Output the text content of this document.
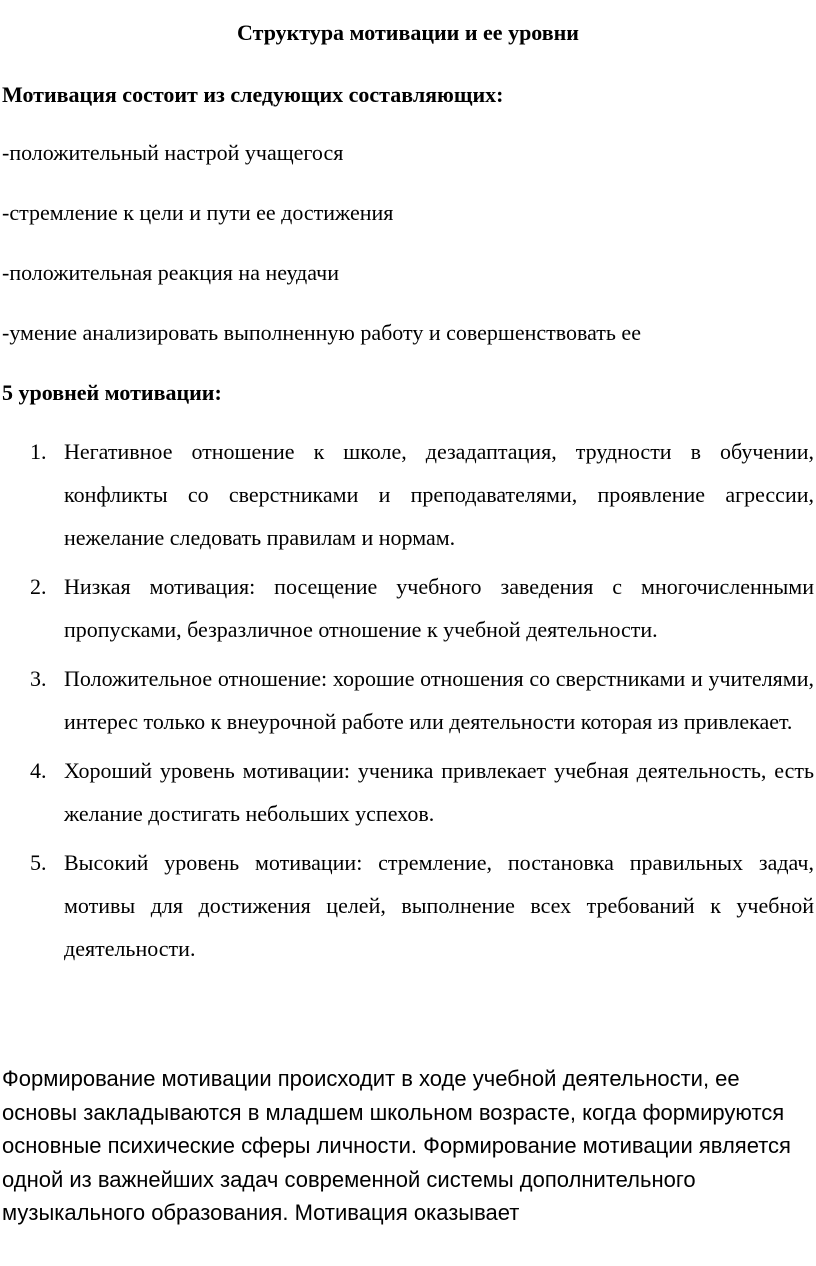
Структура мотивации и ее уровни
Мотивация состоит из следующих составляющих:
-положительный настрой учащегося
-стремление к цели и пути ее достижения
-положительная реакция на неудачи
-умение анализировать выполненную работу и совершенствовать ее
5 уровней мотивации:
1. Негативное отношение к школе, дезадаптация, трудности в обучении, конфликты со сверстниками и преподавателями, проявление агрессии, нежелание следовать правилам и нормам.
2. Низкая мотивация: посещение учебного заведения с многочисленными пропусками, безразличное отношение к учебной деятельности.
3. Положительное отношение: хорошие отношения со сверстниками и учителями, интерес только к внеурочной работе или деятельности которая из привлекает.
4. Хороший уровень мотивации: ученика привлекает учебная деятельность, есть желание достигать небольших успехов.
5. Высокий уровень мотивации: стремление, постановка правильных задач, мотивы для достижения целей, выполнение всех требований к учебной деятельности.
Формирование мотивации происходит в ходе учебной деятельности, ее основы закладываются в младшем школьном возрасте, когда формируются основные психические сферы личности. Формирование мотивации является одной из важнейших задач современной системы дополнительного музыкального образования. Мотивация оказывает
